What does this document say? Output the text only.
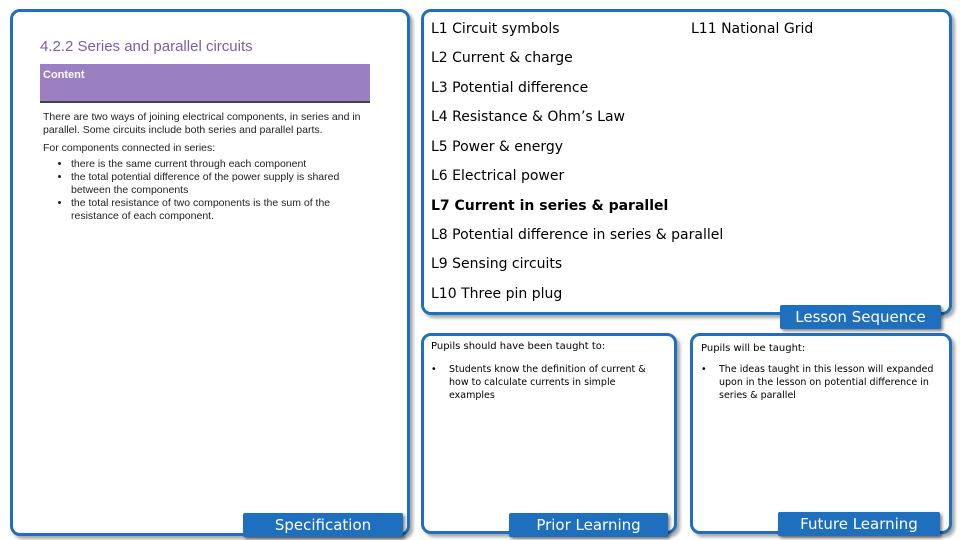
4.2.2 Series and parallel circuits
Content

There are two ways of joining electrical components, in series and in parallel. Some circuits include both series and parallel parts.

For components connected in series:

• there is the same current through each component
• the total potential difference of the power supply is shared between the components
• the total resistance of two components is the sum of the resistance of each component.
Specification
L1 Circuit symbols	L11 National Grid
L2 Current & charge
L3 Potential difference
L4 Resistance & Ohm’s Law
L5 Power & energy
L6 Electrical power
L7 Current in series & parallel
L8 Potential difference in series & parallel
L9 Sensing circuits
L10 Three pin plug
Lesson Sequence
Pupils should have been taught to:
•	Students know the definition of current & how to calculate currents in simple examples
Prior Learning
Pupils will be taught:
•	The ideas taught in this lesson will expanded upon in the lesson on potential difference in series & parallel
Future Learning
